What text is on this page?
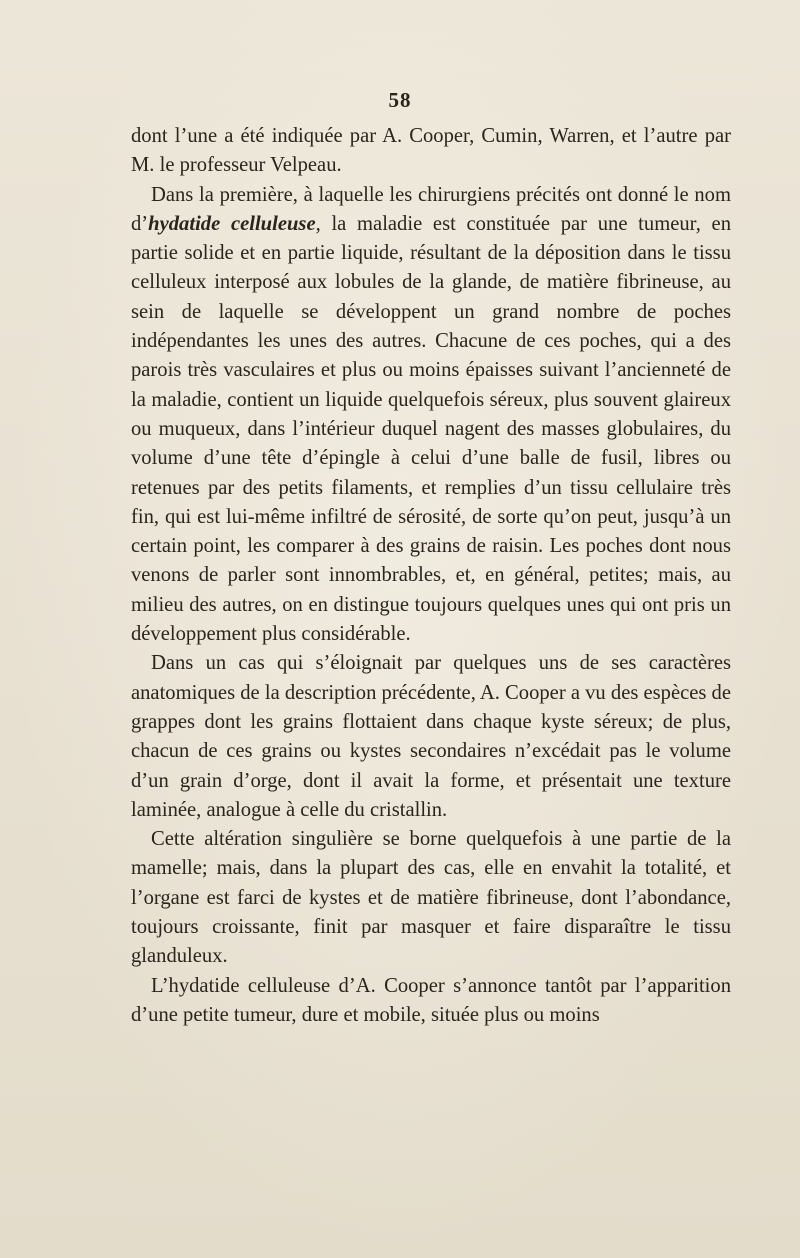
58

dont l’une a été indiquée par A. Cooper, Cumin, Warren, et l’autre par M. le professeur Velpeau.

Dans la première, à laquelle les chirurgiens précités ont donné le nom d’hydatide celluleuse, la maladie est constituée par une tumeur, en partie solide et en partie liquide, résultant de la déposition dans le tissu celluleux interposé aux lobules de la glande, de matière fibrineuse, au sein de laquelle se développent un grand nombre de poches indépendantes les unes des autres. Chacune de ces poches, qui a des parois très vasculaires et plus ou moins épaisses suivant l’ancienneté de la maladie, contient un liquide quelquefois séreux, plus souvent glaireux ou muqueux, dans l’intérieur duquel nagent des masses globulaires, du volume d’une tête d’épingle à celui d’une balle de fusil, libres ou retenues par des petits filaments, et remplies d’un tissu cellulaire très fin, qui est lui-même infiltré de sérosité, de sorte qu’on peut, jusqu’à un certain point, les comparer à des grains de raisin. Les poches dont nous venons de parler sont innombrables, et, en général, petites; mais, au milieu des autres, on en distingue toujours quelques unes qui ont pris un développement plus considérable.

Dans un cas qui s’éloignait par quelques uns de ses caractères anatomiques de la description précédente, A. Cooper a vu des espèces de grappes dont les grains flottaient dans chaque kyste séreux; de plus, chacun de ces grains ou kystes secondaires n’excédait pas le volume d’un grain d’orge, dont il avait la forme, et présentait une texture laminée, analogue à celle du cristallin.

Cette altération singulière se borne quelquefois à une partie de la mamelle; mais, dans la plupart des cas, elle en envahit la totalité, et l’organe est farci de kystes et de matière fibrineuse, dont l’abondance, toujours croissante, finit par masquer et faire disparaître le tissu glanduleux.

L’hydatide celluleuse d’A. Cooper s’annonce tantôt par l’apparition d’une petite tumeur, dure et mobile, située plus ou moins
